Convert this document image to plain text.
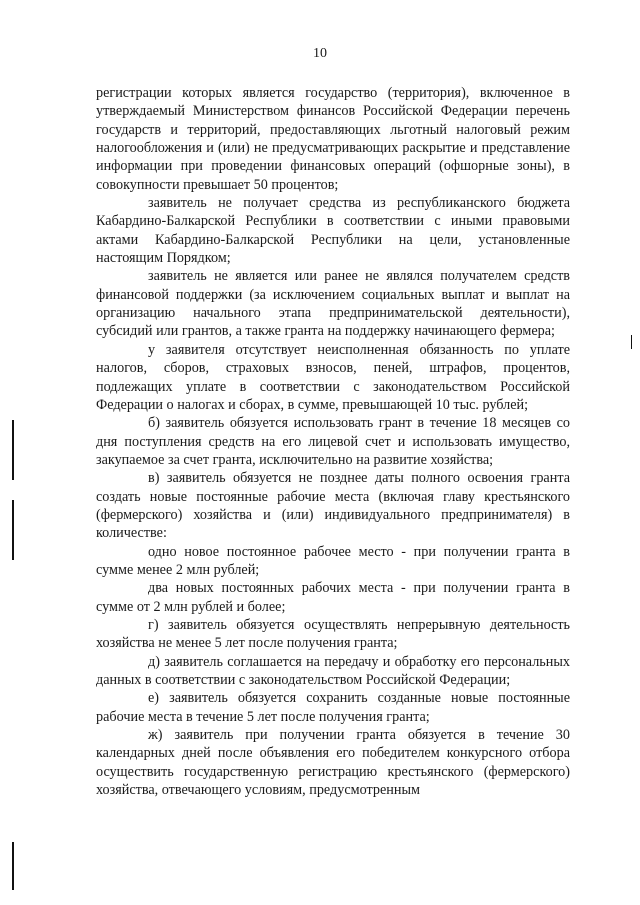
10

регистрации которых является государство (территория), включенное в утверждаемый Министерством финансов Российской Федерации перечень государств и территорий, предоставляющих льготный налоговый режим налогообложения и (или) не предусматривающих раскрытие и представление информации при проведении финансовых операций (офшорные зоны), в совокупности превышает 50 процентов;

заявитель не получает средства из республиканского бюджета Кабардино-Балкарской Республики в соответствии с иными правовыми актами Кабардино-Балкарской Республики на цели, установленные настоящим Порядком;

заявитель не является или ранее не являлся получателем средств финансовой поддержки (за исключением социальных выплат и выплат на организацию начального этапа предпринимательской деятельности), субсидий или грантов, а также гранта на поддержку начинающего фермера;

у заявителя отсутствует неисполненная обязанность по уплате налогов, сборов, страховых взносов, пеней, штрафов, процентов, подлежащих уплате в соответствии с законодательством Российской Федерации о налогах и сборах, в сумме, превышающей 10 тыс. рублей;

б) заявитель обязуется использовать грант в течение 18 месяцев со дня поступления средств на его лицевой счет и использовать имущество, закупаемое за счет гранта, исключительно на развитие хозяйства;

в) заявитель обязуется не позднее даты полного освоения гранта создать новые постоянные рабочие места (включая главу крестьянского (фермерского) хозяйства и (или) индивидуального предпринимателя) в количестве:

одно новое постоянное рабочее место - при получении гранта в сумме менее 2 млн рублей;

два новых постоянных рабочих места - при получении гранта в сумме от 2 млн рублей и более;

г) заявитель обязуется осуществлять непрерывную деятельность хозяйства не менее 5 лет после получения гранта;

д) заявитель соглашается на передачу и обработку его персональных данных в соответствии с законодательством Российской Федерации;

е) заявитель обязуется сохранить созданные новые постоянные рабочие места в течение 5 лет после получения гранта;

ж) заявитель при получении гранта обязуется в течение 30 календарных дней после объявления его победителем конкурсного отбора осуществить государственную регистрацию крестьянского (фермерского) хозяйства, отвечающего условиям, предусмотренным
